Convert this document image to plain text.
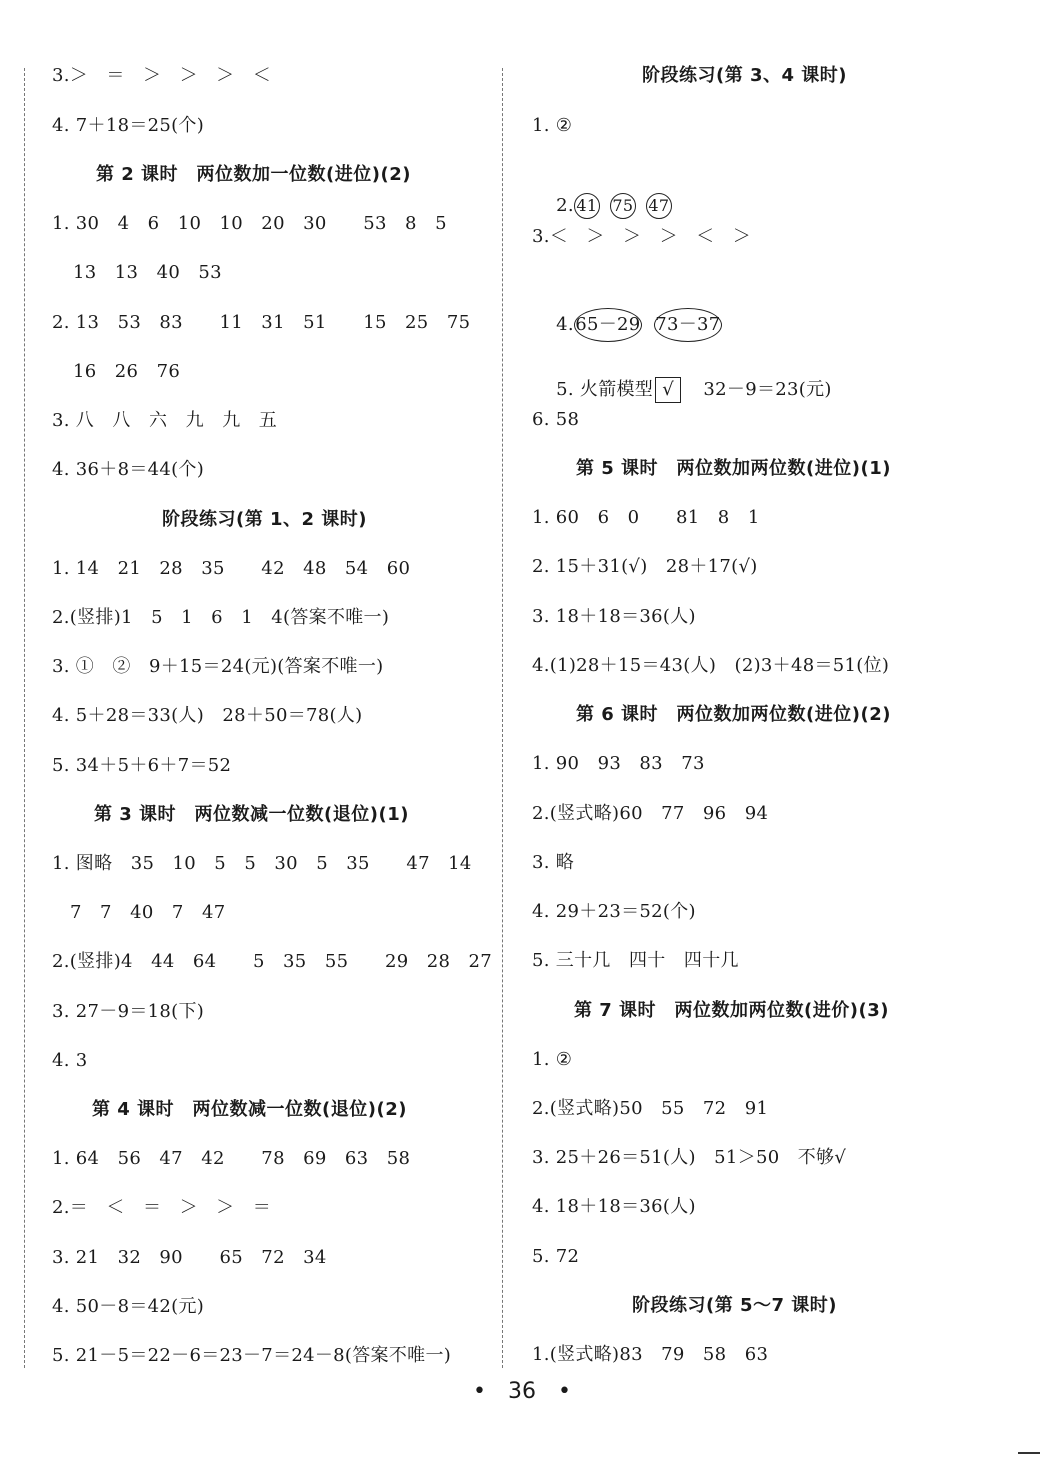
3.＞　＝　＞　＞　＞　＜
4. 7＋18＝25(个)
第 2 课时　两位数加一位数(进位)(2)
1. 30　4　6　10　10　20　30　　53　8　5
13　13　40　53
2. 13　53　83　　11　31　51　　15　25　75
16　26　76
3. 八　八　六　九　九　五
4. 36＋8＝44(个)
阶段练习(第 1、2 课时)
1. 14　21　28　35　　42　48　54　60
2.(竖排)1　5　1　6　1　4(答案不唯一)
3. ①　②　9＋15＝24(元)(答案不唯一)
4. 5＋28＝33(人)　28＋50＝78(人)
5. 34＋5＋6＋7＝52
第 3 课时　两位数减一位数(退位)(1)
1. 图略　35　10　5　5　30　5　35　　47　14
7　7　40　7　47
2.(竖排)4　44　64　　5　35　55　　29　28　27
3. 27－9＝18(下)
4. 3
第 4 课时　两位数减一位数(退位)(2)
1. 64　56　47　42　　78　69　63　58
2.＝　＜　＝　＞　＞　＝
3. 21　32　90　　65　72　34
4. 50－8＝42(元)
5. 21－5＝22－6＝23－7＝24－8(答案不唯一)
阶段练习(第 3、4 课时)
1. ②

2. 41 75 47

3.＜　＞　＞　＞　＜　＞

4.65－29 73－37

5. 火箭模型 √　32－9＝23(元)

6. 58
第 5 课时　两位数加两位数(进位)(1)
1. 60　6　0　　81　8　1
2. 15＋31(√)　28＋17(√)
3. 18＋18＝36(人)
4.(1)28＋15＝43(人)　(2)3＋48＝51(位)
第 6 课时　两位数加两位数(进位)(2)
1. 90　93　83　73
2.(竖式略)60　77　96　94
3. 略
4. 29＋23＝52(个)
5. 三十几　四十　四十几
第 7 课时　两位数加两位数(进价)(3)
1. ②
2.(竖式略)50　55　72　91
3. 25＋26＝51(人)　51＞50　不够√
4. 18＋18＝36(人)
5. 72
阶段练习(第 5～7 课时)
1.(竖式略)83　79　58　63
•　36　•
